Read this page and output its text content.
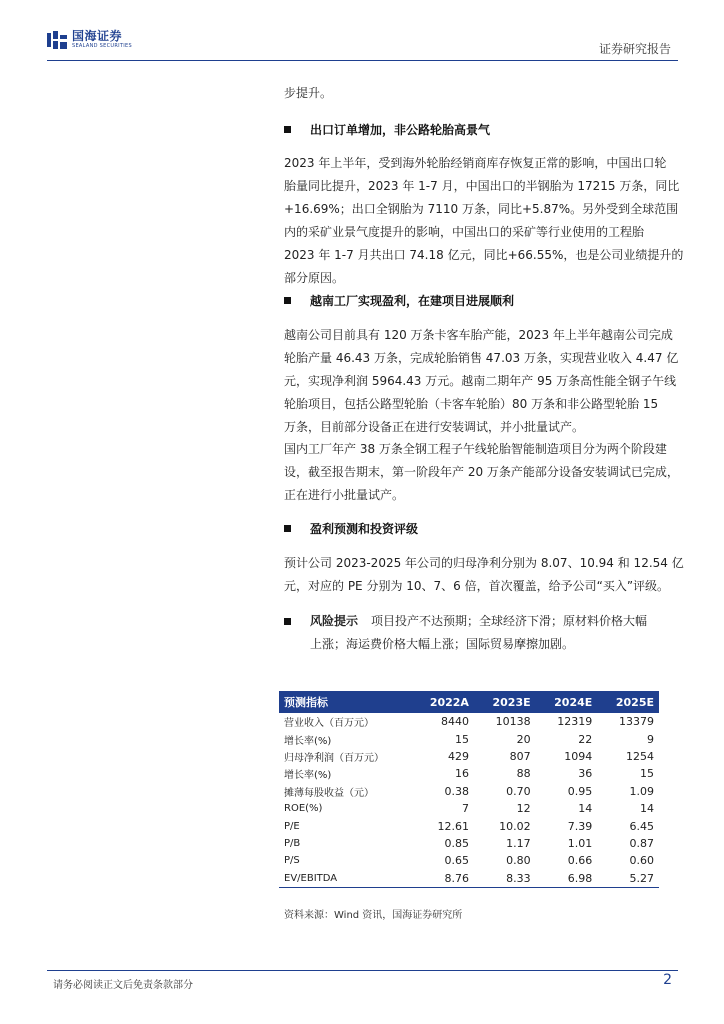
国海证券
SEALAND SECURITIES	证券研究报告

步提升。

出口订单增加，非公路轮胎高景气
2023 年上半年，受到海外轮胎经销商库存恢复正常的影响，中国出口轮
胎量同比提升，2023 年 1-7 月，中国出口的半钢胎为 17215 万条，同比
+16.69%；出口全钢胎为 7110 万条，同比+5.87%。另外受到全球范围
内的采矿业景气度提升的影响，中国出口的采矿等行业使用的工程胎
2023 年 1-7 月共出口 74.18 亿元，同比+66.55%，也是公司业绩提升的
部分原因。
越南工厂实现盈利，在建项目进展顺利
越南公司目前具有 120 万条卡客车胎产能，2023 年上半年越南公司完成
轮胎产量 46.43 万条，完成轮胎销售 47.03 万条，实现营业收入 4.47 亿
元，实现净利润 5964.43 万元。越南二期年产 95 万条高性能全钢子午线
轮胎项目，包括公路型轮胎（卡客车轮胎）80 万条和非公路型轮胎 15
万条，目前部分设备正在进行安装调试，并小批量试产。
国内工厂年产 38 万条全钢工程子午线轮胎智能制造项目分为两个阶段建
设，截至报告期末，第一阶段年产 20 万条产能部分设备安装调试已完成，
正在进行小批量试产。
盈利预测和投资评级
预计公司 2023-2025 年公司的归母净利分别为 8.07、10.94 和 12.54 亿
元，对应的 PE 分别为 10、7、6 倍，首次覆盖，给予公司“买入”评级。
风险提示 项目投产不达预期；全球经济下滑；原材料价格大幅
上涨；海运费价格大幅上涨；国际贸易摩擦加剧。
预测指标	2022A	2023E	2024E	2025E
营业收入（百万元）	8440	10138	12319	13379
增长率(%)	15	20	22	9
归母净利润（百万元）	429	807	1094	1254
增长率(%)	16	88	36	15
摊薄每股收益（元）	0.38	0.70	0.95	1.09
ROE(%)	7	12	14	14
P/E	12.61	10.02	7.39	6.45
P/B	0.85	1.17	1.01	0.87
P/S	0.65	0.80	0.66	0.60
EV/EBITDA	8.76	8.33	6.98	5.27
资料来源：Wind 资讯，国海证券研究所
请务必阅读正文后免责条款部分	2
